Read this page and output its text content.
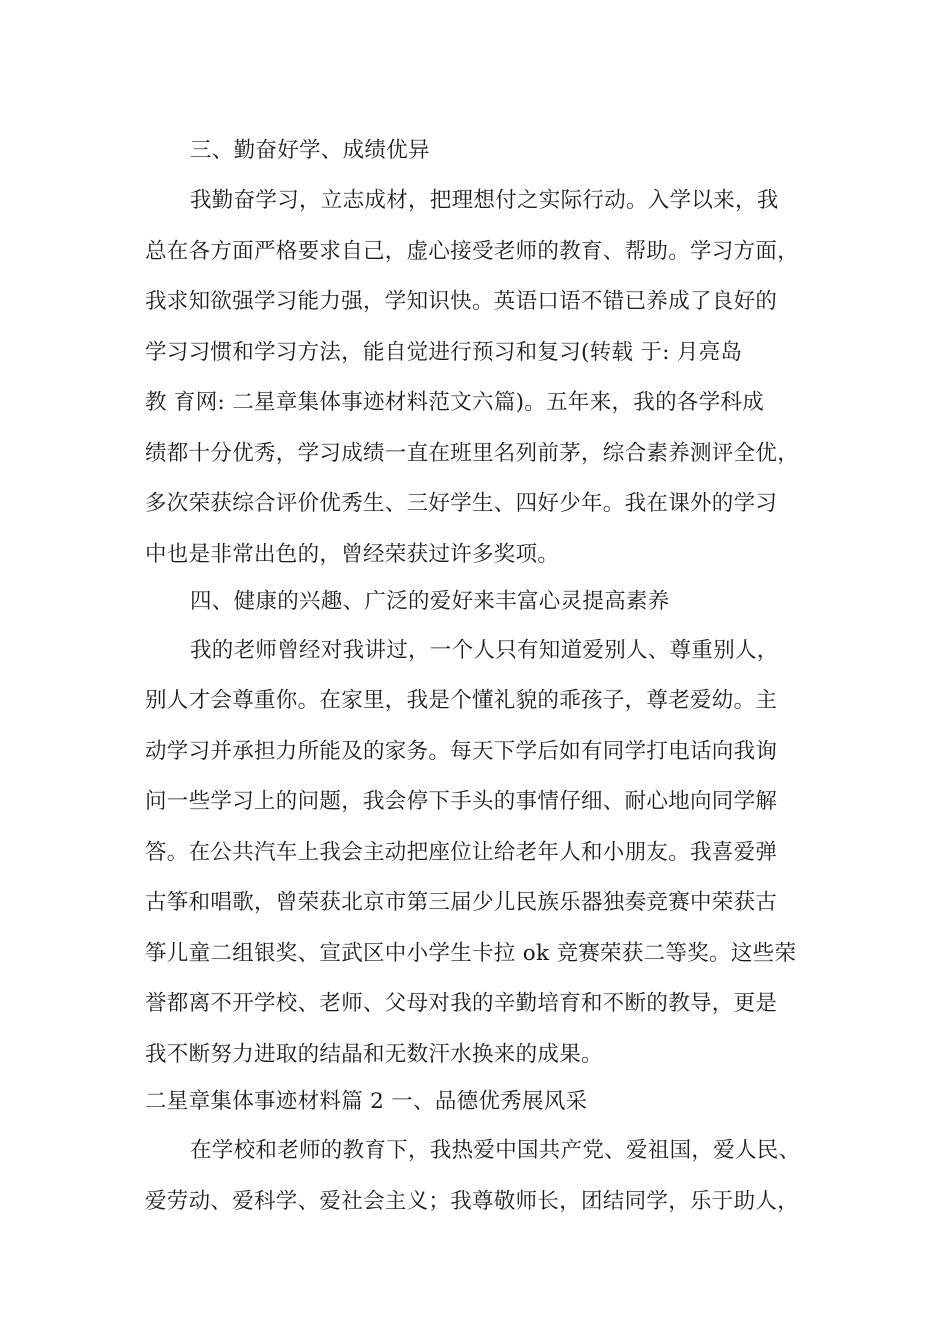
三、勤奋好学、成绩优异
我勤奋学习，立志成材，把理想付之实际行动。入学以来，我
总在各方面严格要求自己，虚心接受老师的教育、帮助。学习方面，
我求知欲强学习能力强，学知识快。英语口语不错已养成了良好的
学习习惯和学习方法，能自觉进行预习和复习(转载 于: 月亮岛
教 育网: 二星章集体事迹材料范文六篇)。五年来，我的各学科成
绩都十分优秀，学习成绩一直在班里名列前茅，综合素养测评全优，
多次荣获综合评价优秀生、三好学生、四好少年。我在课外的学习
中也是非常出色的，曾经荣获过许多奖项。
四、健康的兴趣、广泛的爱好来丰富心灵提高素养
我的老师曾经对我讲过，一个人只有知道爱别人、尊重别人，
别人才会尊重你。在家里，我是个懂礼貌的乖孩子，尊老爱幼。主
动学习并承担力所能及的家务。每天下学后如有同学打电话向我询
问一些学习上的问题，我会停下手头的事情仔细、耐心地向同学解
答。在公共汽车上我会主动把座位让给老年人和小朋友。我喜爱弹
古筝和唱歌，曾荣获北京市第三届少儿民族乐器独奏竞赛中荣获古
筝儿童二组银奖、宣武区中小学生卡拉 ok 竞赛荣获二等奖。这些荣
誉都离不开学校、老师、父母对我的辛勤培育和不断的教导，更是
我不断努力进取的结晶和无数汗水换来的成果。
二星章集体事迹材料篇 2 一、品德优秀展风采
在学校和老师的教育下，我热爱中国共产党、爱祖国，爱人民、
爱劳动、爱科学、爱社会主义；我尊敬师长，团结同学，乐于助人，
